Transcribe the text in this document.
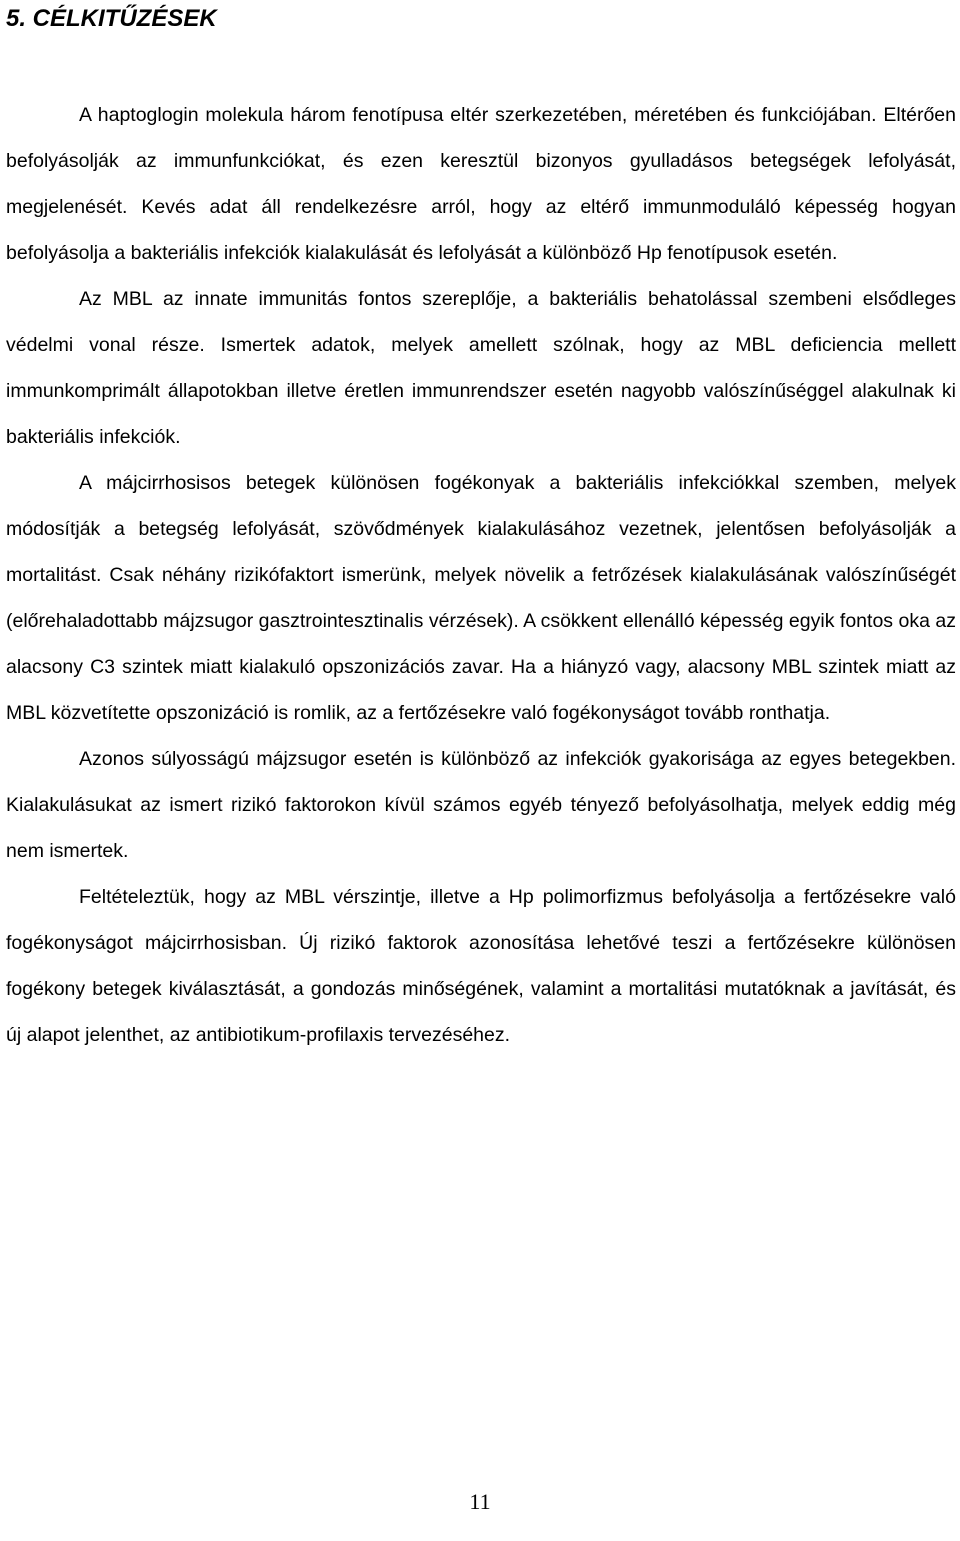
5. CÉLKITŰZÉSEK

A haptoglogin molekula három fenotípusa eltér szerkezetében, méretében és funkciójában. Eltérően befolyásolják az immunfunkciókat, és ezen keresztül bizonyos gyulladásos betegségek lefolyását, megjelenését. Kevés adat áll rendelkezésre arról, hogy az eltérő immunmoduláló képesség hogyan befolyásolja a bakteriális infekciók kialakulását és lefolyását a különböző Hp fenotípusok esetén.

Az MBL az innate immunitás fontos szereplője, a bakteriális behatolással szembeni elsődleges védelmi vonal része. Ismertek adatok, melyek amellett szólnak, hogy az MBL deficiencia mellett immunkomprimált állapotokban illetve éretlen immunrendszer esetén nagyobb valószínűséggel alakulnak ki bakteriális infekciók.

A májcirrhosisos betegek különösen fogékonyak a bakteriális infekciókkal szemben, melyek módosítják a betegség lefolyását, szövődmények kialakulásához vezetnek, jelentősen befolyásolják a mortalitást. Csak néhány rizikófaktort ismerünk, melyek növelik a fetrőzések kialakulásának valószínűségét (előrehaladottabb májzsugor gasztrointesztinalis vérzések). A csökkent ellenálló képesség egyik fontos oka az alacsony C3 szintek miatt kialakuló opszonizációs zavar. Ha a hiányzó vagy, alacsony MBL szintek miatt az MBL közvetítette opszonizáció is romlik, az a fertőzésekre való fogékonyságot tovább ronthatja.

Azonos súlyosságú májzsugor esetén is különböző az infekciók gyakorisága az egyes betegekben. Kialakulásukat az ismert rizikó faktorokon kívül számos egyéb tényező befolyásolhatja, melyek eddig még nem ismertek.

Feltételeztük, hogy az MBL vérszintje, illetve a Hp polimorfizmus befolyásolja a fertőzésekre való fogékonyságot májcirrhosisban. Új rizikó faktorok azonosítása lehetővé teszi a fertőzésekre különösen fogékony betegek kiválasztását, a gondozás minőségének, valamint a mortalitási mutatóknak a javítását, és új alapot jelenthet, az antibiotikum-profilaxis tervezéséhez.

11
